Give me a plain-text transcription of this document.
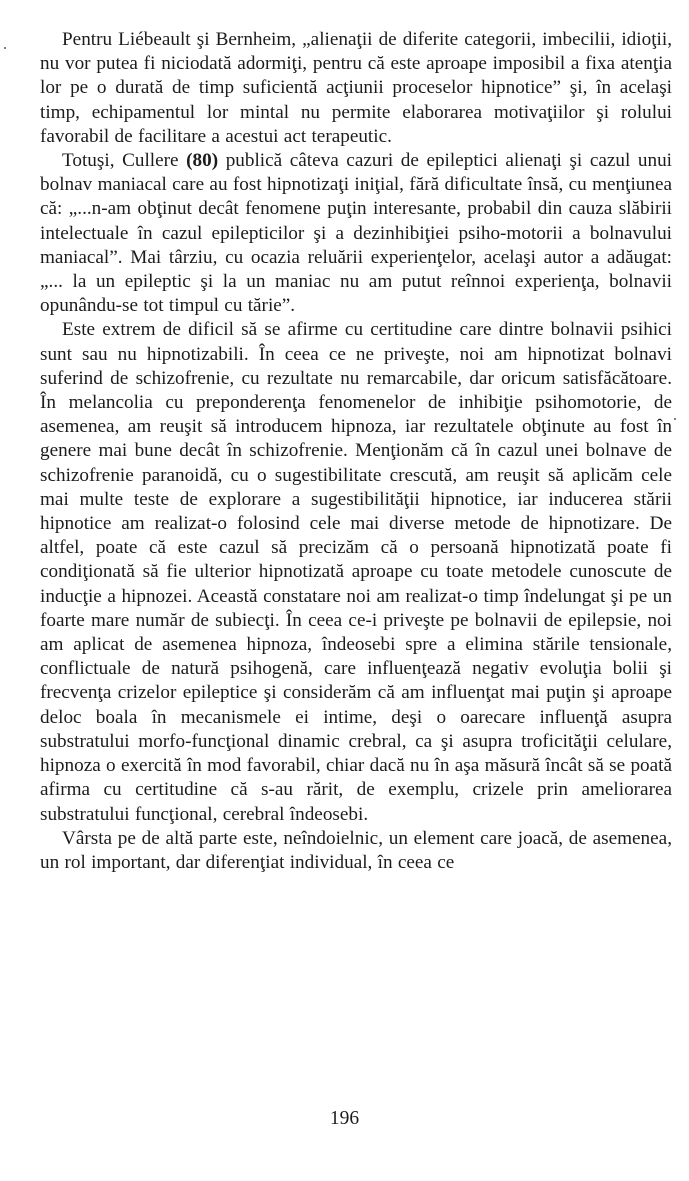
Pentru Liébeault şi Bernheim, „alienaţii de diferite categorii, imbecilii, idioţii, nu vor putea fi niciodată adormiţi, pentru că este aproape imposibil a fixa atenţia lor pe o durată de timp suficientă acţiunii proceselor hipnotice” şi, în acelaşi timp, echipamentul lor mintal nu permite elaborarea motivaţiilor şi rolului favorabil de facilitare a acestui act terapeutic.

Totuşi, Cullere (80) publică câteva cazuri de epileptici alienaţi şi cazul unui bolnav maniacal care au fost hipnotizaţi iniţial, fără dificultate însă, cu menţiunea că: „...n-am obţinut decât fenomene puţin interesante, probabil din cauza slăbirii intelectuale în cazul epilepticilor şi a dezinhibiţiei psiho-motorii a bolnavului maniacal”. Mai târziu, cu ocazia reluării experienţelor, acelaşi autor a adăugat: „... la un epileptic şi la un maniac nu am putut reînnoi experienţa, bolnavii opunându-se tot timpul cu tărie”.

Este extrem de dificil să se afirme cu certitudine care dintre bolnavii psihici sunt sau nu hipnotizabili. În ceea ce ne priveşte, noi am hipnotizat bolnavi suferind de schizofrenie, cu rezultate nu remarcabile, dar oricum satisfăcătoare. În melancolia cu preponderenţa fenomenelor de inhibiţie psihomotorie, de asemenea, am reuşit să introducem hipnoza, iar rezultatele obţinute au fost în genere mai bune decât în schizofrenie. Menţionăm că în cazul unei bolnave de schizofrenie paranoidă, cu o sugestibilitate crescută, am reuşit să aplicăm cele mai multe teste de explorare a sugestibilităţii hipnotice, iar inducerea stării hipnotice am realizat-o folosind cele mai diverse metode de hipnotizare. De altfel, poate că este cazul să precizăm că o persoană hipnotizată poate fi condiţionată să fie ulterior hipnotizată aproape cu toate metodele cunoscute de inducţie a hipnozei. Această constatare noi am realizat-o timp îndelungat şi pe un foarte mare număr de subiecţi. În ceea ce-i priveşte pe bolnavii de epilepsie, noi am aplicat de asemenea hipnoza, îndeosebi spre a elimina stările tensionale, conflictuale de natură psihogenă, care influenţează negativ evoluţia bolii şi frecvenţa crizelor epileptice şi considerăm că am influenţat mai puţin şi aproape deloc boala în mecanismele ei intime, deşi o oarecare influenţă asupra substratului morfo-funcţional dinamic crebral, ca şi asupra troficităţii celulare, hipnoza o exercită în mod favorabil, chiar dacă nu în aşa măsură încât să se poată afirma cu certitudine că s-au rărit, de exemplu, crizele prin ameliorarea substratului funcţional, cerebral îndeosebi.

Vârsta pe de altă parte este, neîndoielnic, un element care joacă, de asemenea, un rol important, dar diferenţiat individual, în ceea ce

196
